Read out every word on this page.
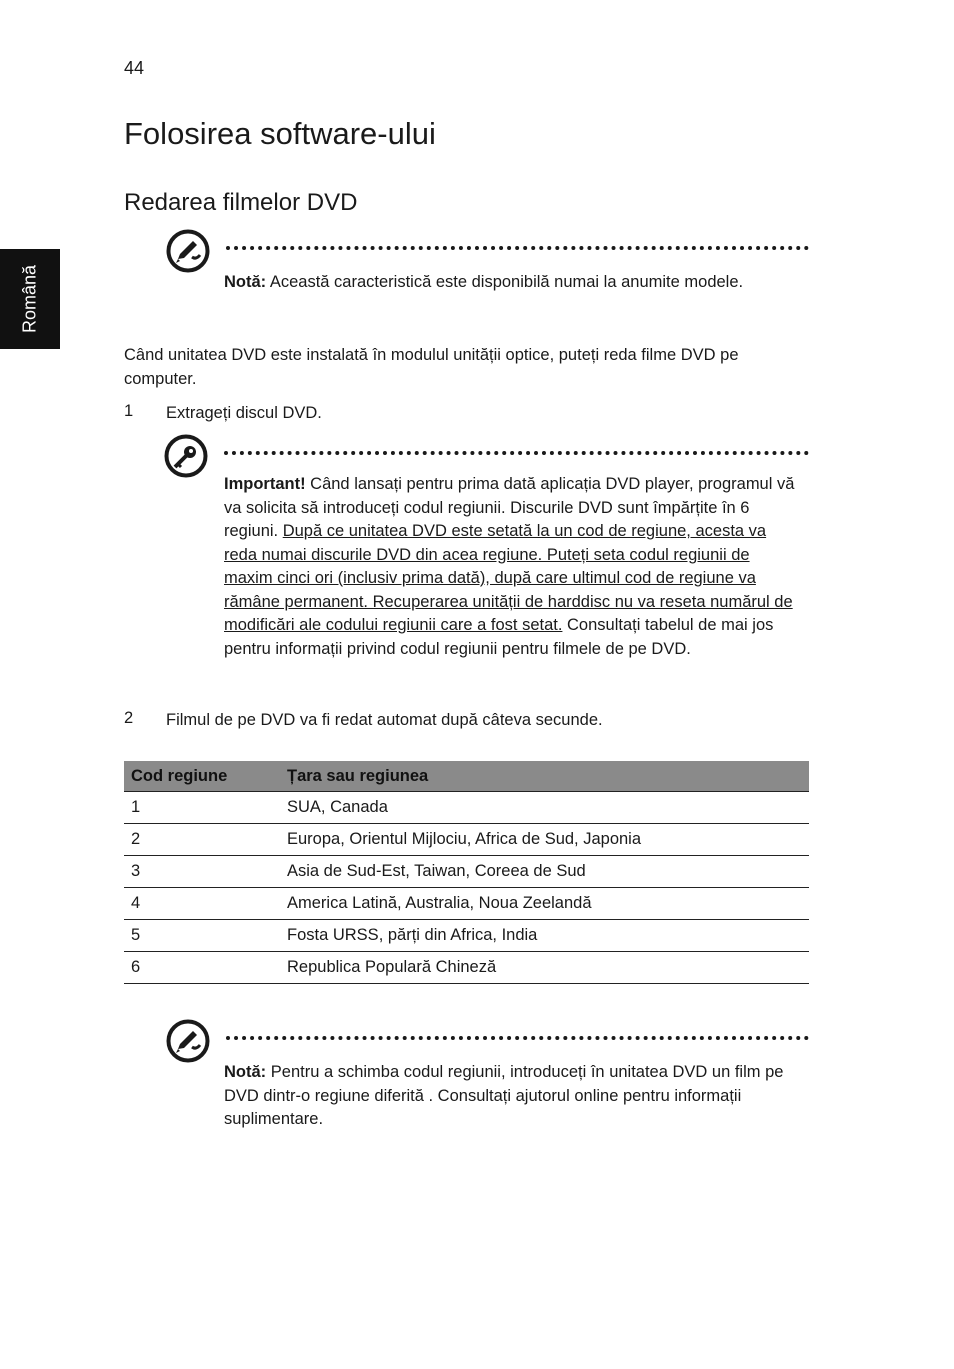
44
Română
Folosirea software-ului
Redarea filmelor DVD
Notă: Această caracteristică este disponibilă numai la anumite modele.
Când unitatea DVD este instalată în modulul unității optice, puteți reda filme DVD pe computer.
1 Extrageți discul DVD.
Important! Când lansați pentru prima dată aplicația DVD player, programul vă va solicita să introduceți codul regiunii. Discurile DVD sunt împărțite în 6 regiuni. După ce unitatea DVD este setată la un cod de regiune, acesta va reda numai discurile DVD din acea regiune. Puteți seta codul regiunii de maxim cinci ori (inclusiv prima dată), după care ultimul cod de regiune va rămâne permanent. Recuperarea unității de harddisc nu va reseta numărul de modificări ale codului regiunii care a fost setat. Consultați tabelul de mai jos pentru informații privind codul regiunii pentru filmele de pe DVD.
2 Filmul de pe DVD va fi redat automat după câteva secunde.
Cod regiune	Țara sau regiunea
1	SUA, Canada
2	Europa, Orientul Mijlociu, Africa de Sud, Japonia
3	Asia de Sud-Est, Taiwan, Coreea de Sud
4	America Latină, Australia, Noua Zeelandă
5	Fosta URSS, părți din Africa, India
6	Republica Populară Chineză
Notă: Pentru a schimba codul regiunii, introduceți în unitatea DVD un film pe DVD dintr-o regiune diferită . Consultați ajutorul online pentru informații suplimentare.
